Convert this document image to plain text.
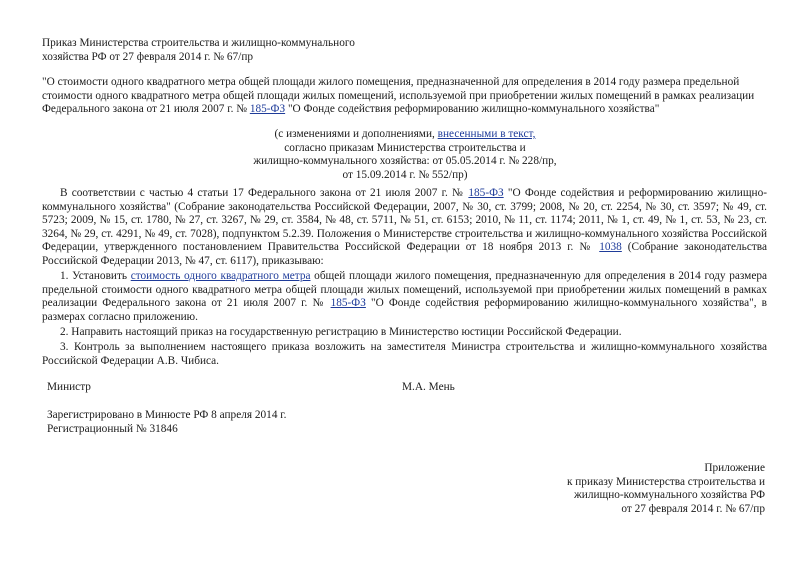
Приказ Министерства строительства и жилищно-коммунального

хозяйства РФ от 27 февраля 2014 г. № 67/пр

"О стоимости одного квадратного метра общей площади жилого помещения, предназначенной для определения в 2014 году размера предельной стоимости одного квадратного метра общей площади жилых помещений, используемой при приобретении жилых помещений в рамках реализации Федерального закона от 21 июля 2007 г. № 185-ФЗ "О Фонде содействия реформированию жилищно-коммунального хозяйства"

(с изменениями и дополнениями, внесенными в текст,

согласно приказам Министерства строительства и

жилищно-коммунального хозяйства: от 05.05.2014 г. № 228/пр,

от 15.09.2014 г. № 552/пр)

В соответствии с частью 4 статьи 17 Федерального закона от 21 июля 2007 г. № 185-ФЗ "О Фонде содействия и реформированию жилищно-коммунального хозяйства" (Собрание законодательства Российской Федерации, 2007, № 30, ст. 3799; 2008, № 20, ст. 2254, № 30, ст. 3597; № 49, ст. 5723; 2009, № 15, ст. 1780, № 27, ст. 3267, № 29, ст. 3584, № 48, ст. 5711, № 51, ст. 6153; 2010, № 11, ст. 1174; 2011, № 1, ст. 49, № 1, ст. 53, № 23, ст. 3264, № 29, ст. 4291, № 49, ст. 7028), подпунктом 5.2.39. Положения о Министерстве строительства и жилищно-коммунального хозяйства Российской Федерации, утвержденного постановлением Правительства Российской Федерации от 18 ноября 2013 г. № 1038 (Собрание законодательства Российской Федерации 2013, № 47, ст. 6117), приказываю:

1. Установить стоимость одного квадратного метра общей площади жилого помещения, предназначенную для определения в 2014 году размера предельной стоимости одного квадратного метра общей площади жилых помещений, используемой при приобретении жилых помещений в рамках реализации Федерального закона от 21 июля 2007 г. № 185-ФЗ "О Фонде содействия реформированию жилищно-коммунального хозяйства", в размерах согласно приложению.

2. Направить настоящий приказ на государственную регистрацию в Министерство юстиции Российской Федерации.

3. Контроль за выполнением настоящего приказа возложить на заместителя Министра строительства и жилищно-коммунального хозяйства Российской Федерации А.В. Чибиса.

Министр	М.А. Мень

Зарегистрировано в Минюсте РФ 8 апреля 2014 г.

Регистрационный № 31846

Приложение

к приказу Министерства строительства и

жилищно-коммунального хозяйства РФ

от 27 февраля 2014 г. № 67/пр
